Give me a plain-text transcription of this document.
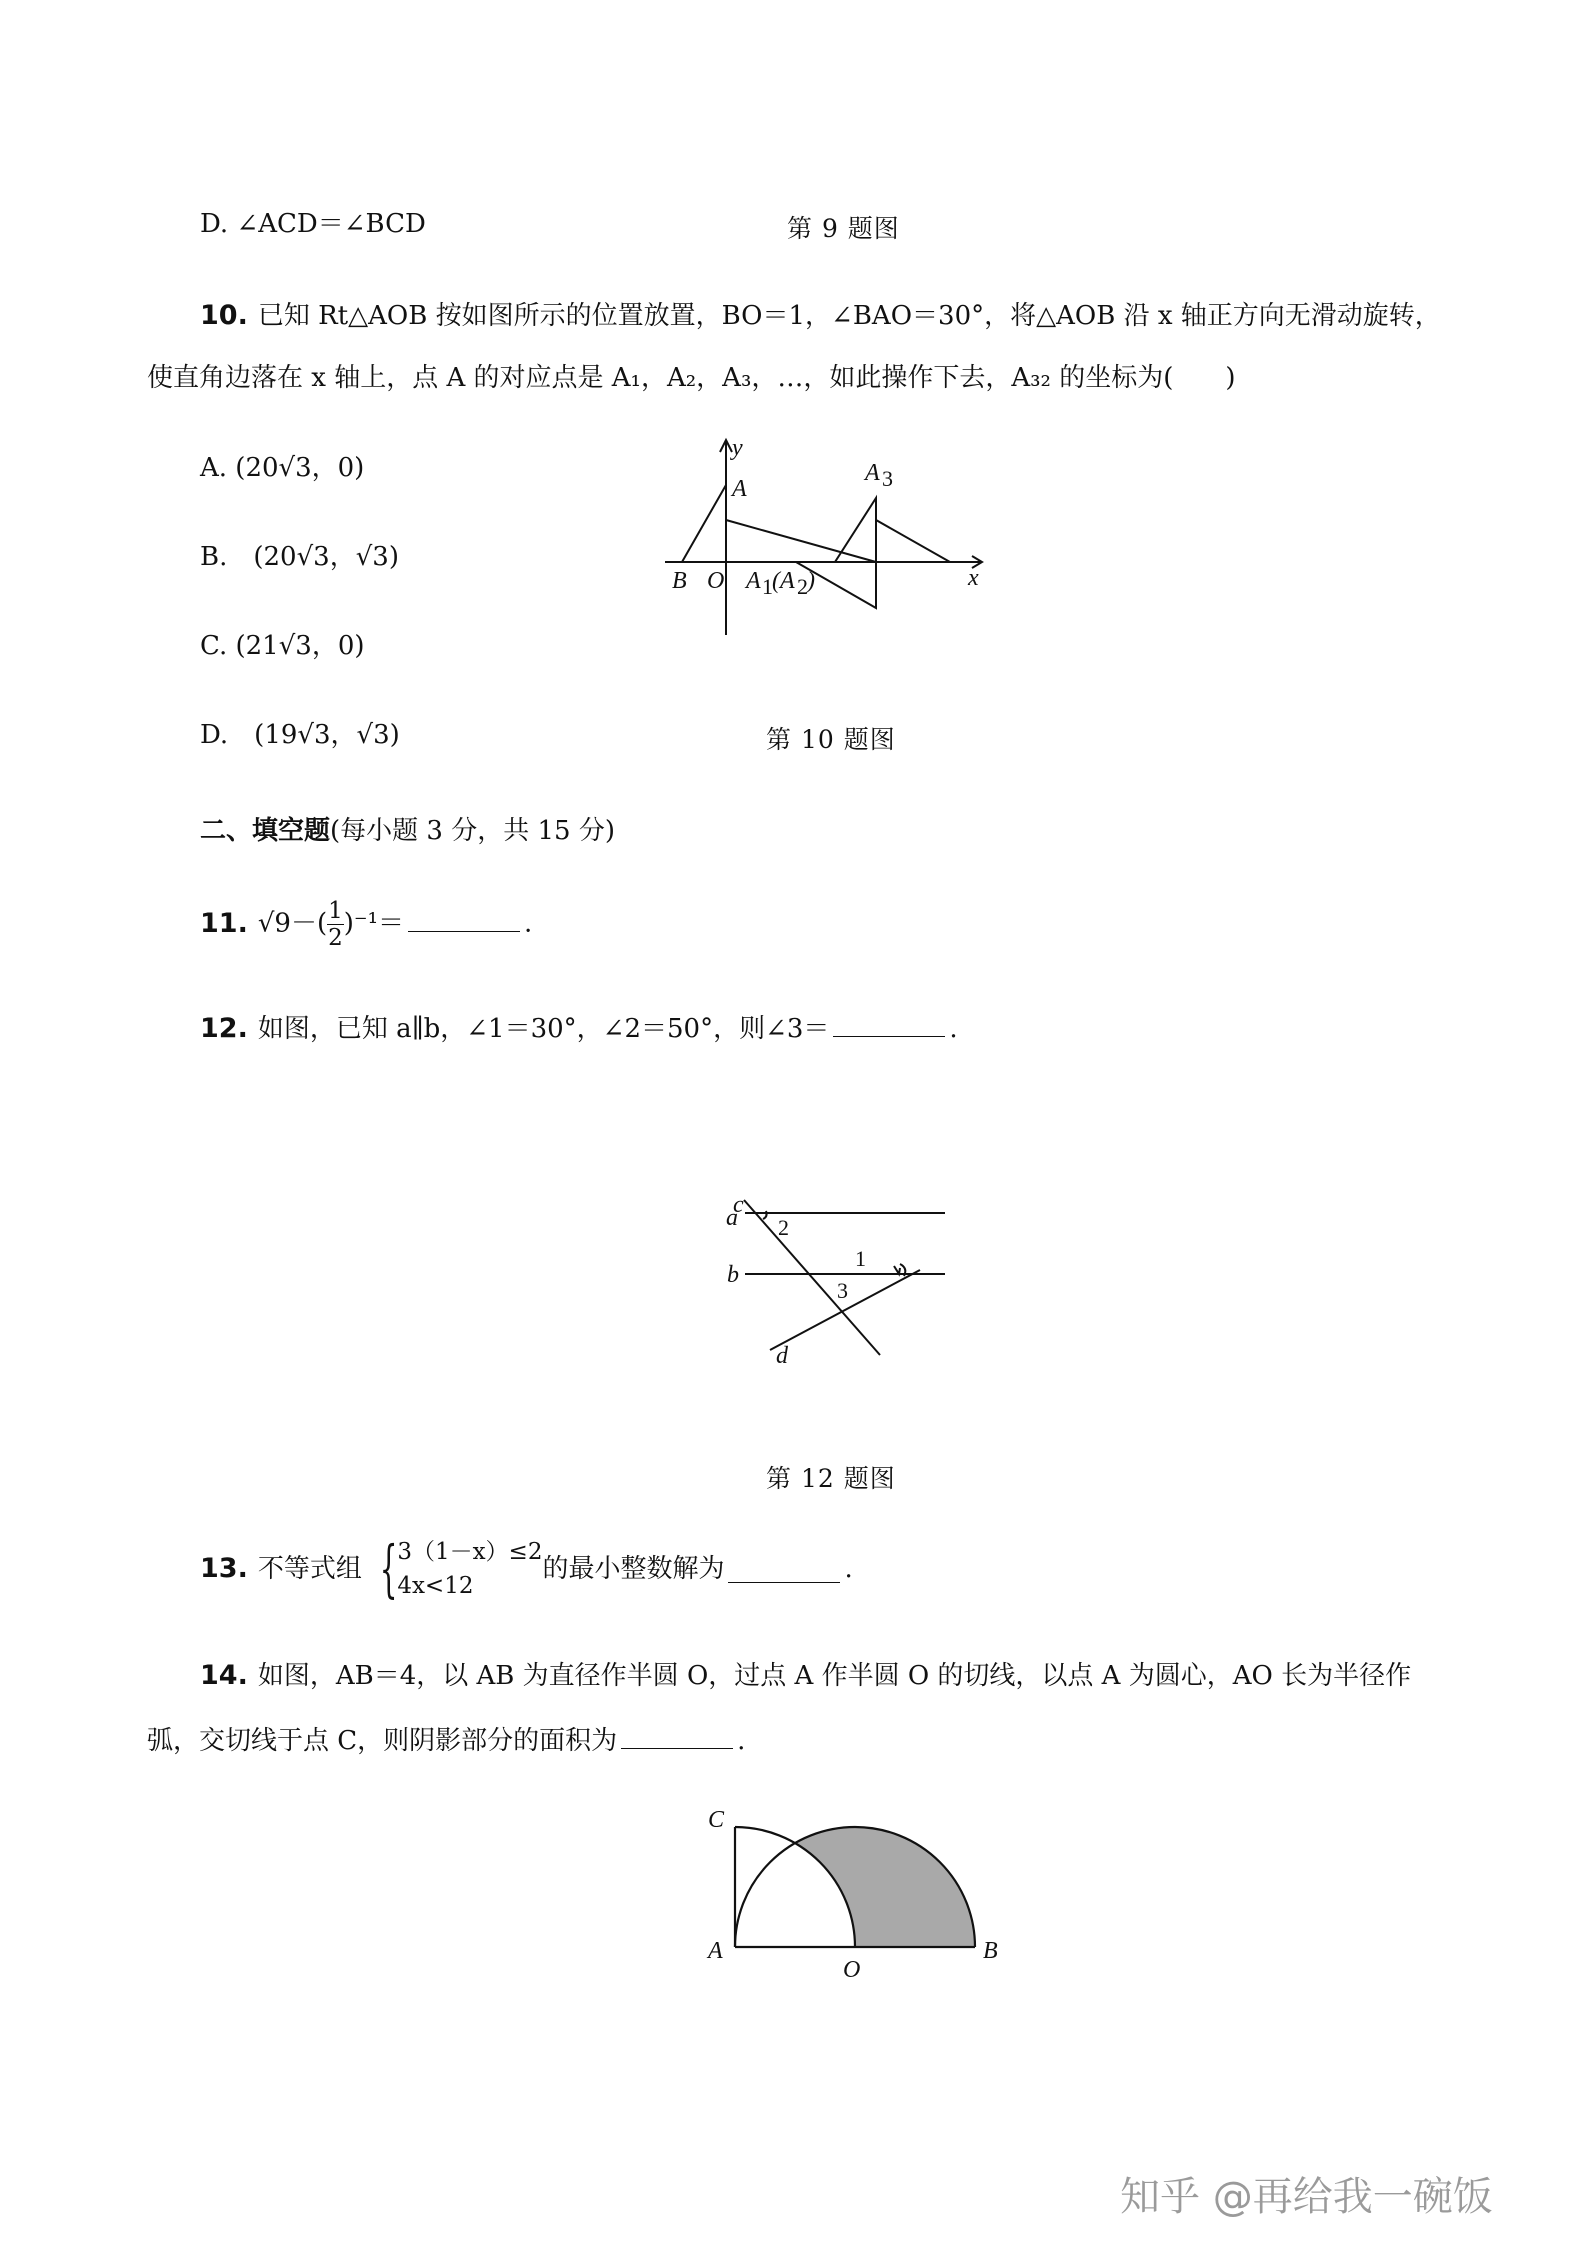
D. ∠ACD＝∠BCD	第 9 题图
10. 已知 Rt△AOB 按如图所示的位置放置，BO＝1，∠BAO＝30°，将△AOB 沿 x 轴正方向无滑动旋转，
使直角边落在 x 轴上，点 A 的对应点是 A₁，A₂，A₃，…，如此操作下去，A₃₂ 的坐标为(　　)
A. (20√3，0)
B.　(20√3，√3)
C. (21√3，0)
D.　(19√3，√3)
y
x
A
A 3
B O A 1 (A 2 )
第 10 题图
二、填空题(每小题 3 分，共 15 分)
11. $√9-( \frac{1}{2} )^{-1}=$	.
12. 如图，已知 a∥b，∠1＝30°，∠2＝50°，则∠3＝	.
c
a
b
d
2
1
3
第 12 题图
13. 不等式组 { 3（1－x）≤2
4x<12
的最小整数解为	.
14. 如图，AB＝4，以 AB 为直径作半圆 O，过点 A 作半圆 O 的切线，以点 A 为圆心，AO 长为半径作
弧，交切线于点 C，则阴影部分的面积为	.
C
A
O
B
知乎 @再给我一碗饭
